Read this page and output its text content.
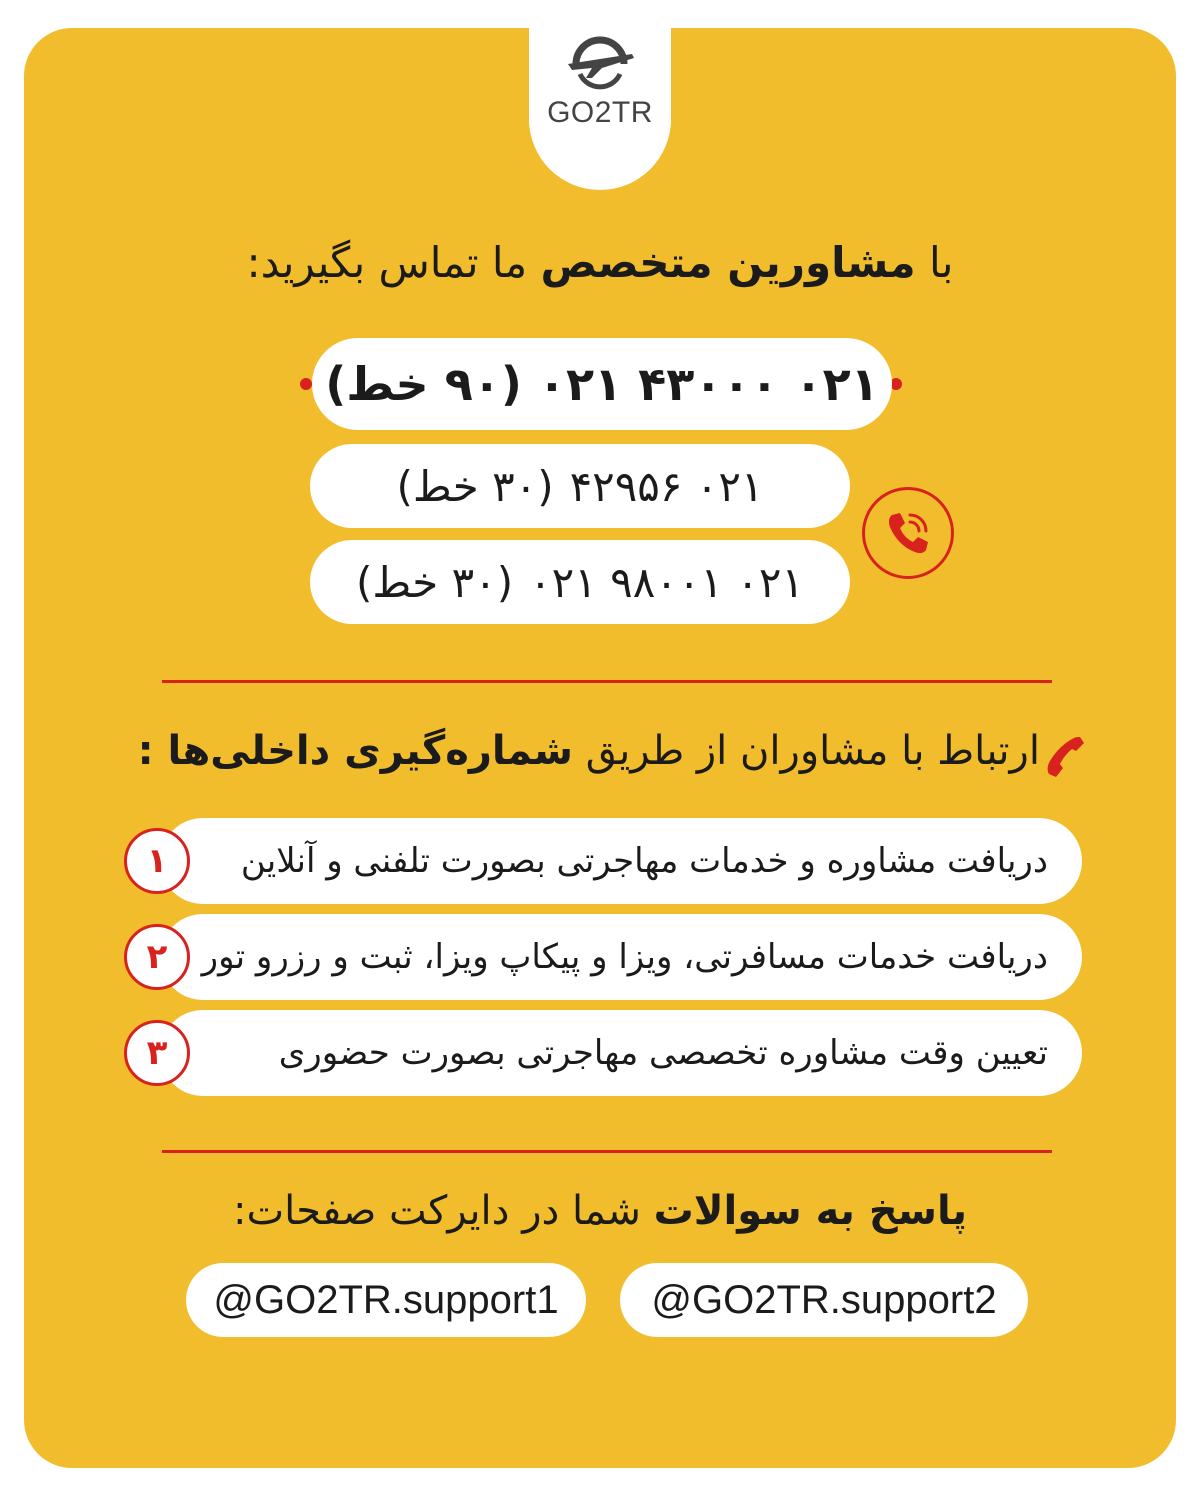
GO2TR
با مشاورین متخصص ما تماس بگیرید:
۰۲۱ ۴۳۰۰۰ ۰۲۱
(۹۰ خط)
۰۲۱ ۴۲۹۵۶
(۳۰ خط)
۰۲۱ ۹۸۰۰۱ ۰۲۱
(۳۰ خط)
ارتباط با مشاوران از طریق شماره‌گیری داخلی‌ها :
دریافت مشاوره و خدمات مهاجرتی بصورت تلفنی و آنلاین
۱
دریافت خدمات مسافرتی، ویزا و پیکاپ ویزا، ثبت و رزرو تور
۲
تعیین وقت مشاوره تخصصی مهاجرتی بصورت حضوری
۳
پاسخ به سوالات شما در دایرکت صفحات:
@GO2TR.support2
@GO2TR.support1
